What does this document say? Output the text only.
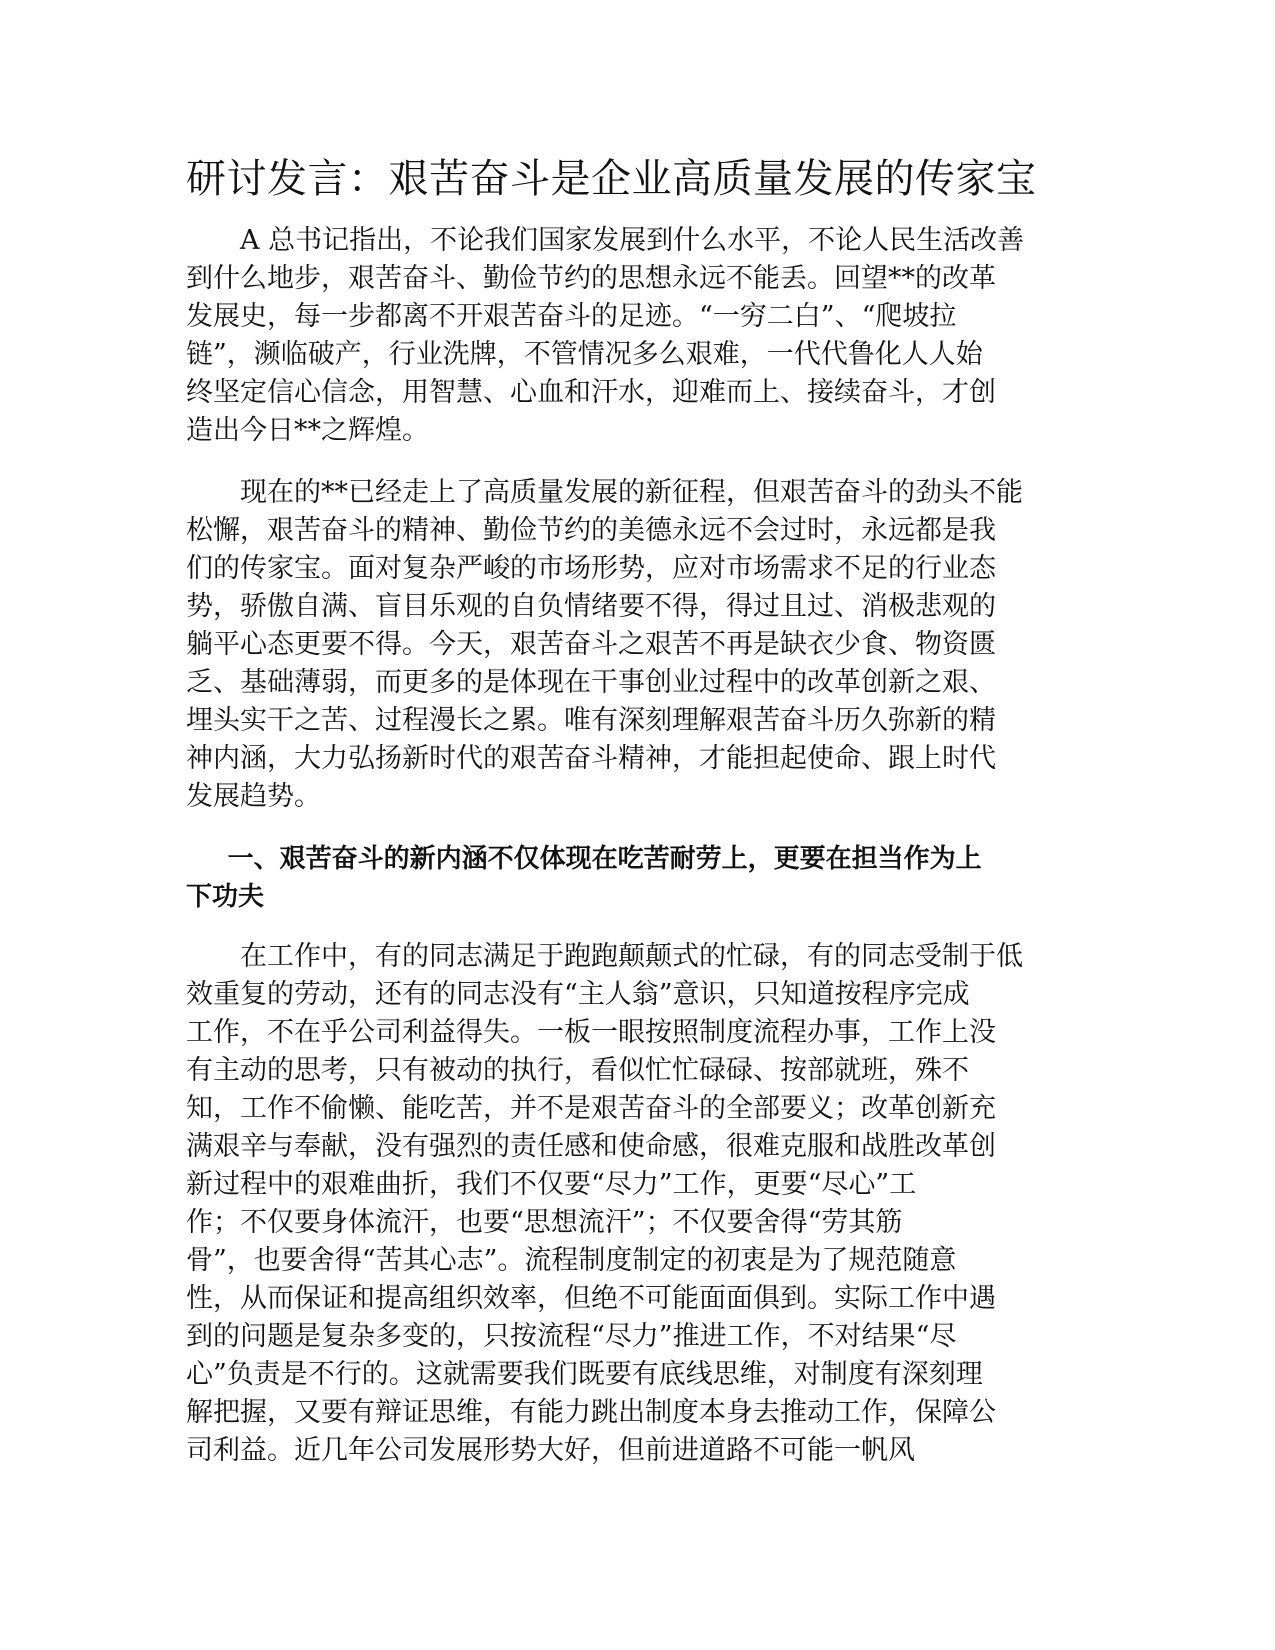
研讨发言：艰苦奋斗是企业高质量发展的传家宝
A 总书记指出，不论我们国家发展到什么水平，不论人民生活改善
到什么地步，艰苦奋斗、勤俭节约的思想永远不能丢。回望**的改革
发展史，每一步都离不开艰苦奋斗的足迹。“一穷二白”、“爬坡拉
链”，濒临破产，行业洗牌，不管情况多么艰难，一代代鲁化人人始
终坚定信心信念，用智慧、心血和汗水，迎难而上、接续奋斗，才创
造出今日**之辉煌。
现在的**已经走上了高质量发展的新征程，但艰苦奋斗的劲头不能
松懈，艰苦奋斗的精神、勤俭节约的美德永远不会过时，永远都是我
们的传家宝。面对复杂严峻的市场形势，应对市场需求不足的行业态
势，骄傲自满、盲目乐观的自负情绪要不得，得过且过、消极悲观的
躺平心态更要不得。今天，艰苦奋斗之艰苦不再是缺衣少食、物资匮
乏、基础薄弱，而更多的是体现在干事创业过程中的改革创新之艰、
埋头实干之苦、过程漫长之累。唯有深刻理解艰苦奋斗历久弥新的精
神内涵，大力弘扬新时代的艰苦奋斗精神，才能担起使命、跟上时代
发展趋势。
一、艰苦奋斗的新内涵不仅体现在吃苦耐劳上，更要在担当作为上
下功夫
在工作中，有的同志满足于跑跑颠颠式的忙碌，有的同志受制于低
效重复的劳动，还有的同志没有“主人翁”意识，只知道按程序完成
工作，不在乎公司利益得失。一板一眼按照制度流程办事，工作上没
有主动的思考，只有被动的执行，看似忙忙碌碌、按部就班，殊不
知，工作不偷懒、能吃苦，并不是艰苦奋斗的全部要义；改革创新充
满艰辛与奉献，没有强烈的责任感和使命感，很难克服和战胜改革创
新过程中的艰难曲折，我们不仅要“尽力”工作，更要“尽心”工
作；不仅要身体流汗，也要“思想流汗”；不仅要舍得“劳其筋
骨”，也要舍得“苦其心志”。流程制度制定的初衷是为了规范随意
性，从而保证和提高组织效率，但绝不可能面面俱到。实际工作中遇
到的问题是复杂多变的，只按流程“尽力”推进工作，不对结果“尽
心”负责是不行的。这就需要我们既要有底线思维，对制度有深刻理
解把握，又要有辩证思维，有能力跳出制度本身去推动工作，保障公
司利益。近几年公司发展形势大好，但前进道路不可能一帆风
